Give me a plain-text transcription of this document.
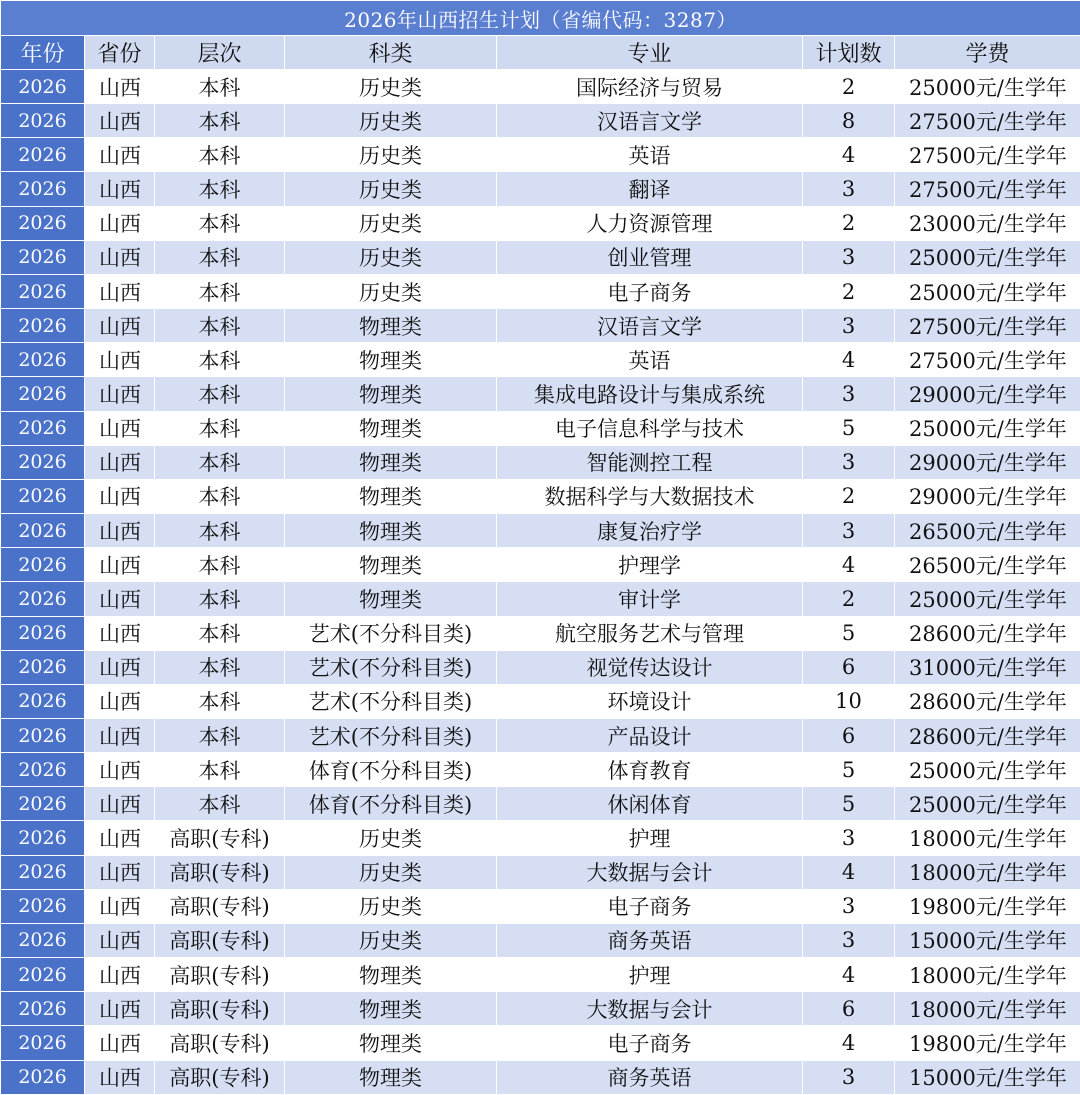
2026年山西招生计划（省编代码：3287）						
年份	省份	层次	科类	专业	计划数	学费
2026	山西	本科	历史类	国际经济与贸易	2	25000元/生学年
2026	山西	本科	历史类	汉语言文学	8	27500元/生学年
2026	山西	本科	历史类	英语	4	27500元/生学年
2026	山西	本科	历史类	翻译	3	27500元/生学年
2026	山西	本科	历史类	人力资源管理	2	23000元/生学年
2026	山西	本科	历史类	创业管理	3	25000元/生学年
2026	山西	本科	历史类	电子商务	2	25000元/生学年
2026	山西	本科	物理类	汉语言文学	3	27500元/生学年
2026	山西	本科	物理类	英语	4	27500元/生学年
2026	山西	本科	物理类	集成电路设计与集成系统	3	29000元/生学年
2026	山西	本科	物理类	电子信息科学与技术	5	25000元/生学年
2026	山西	本科	物理类	智能测控工程	3	29000元/生学年
2026	山西	本科	物理类	数据科学与大数据技术	2	29000元/生学年
2026	山西	本科	物理类	康复治疗学	3	26500元/生学年
2026	山西	本科	物理类	护理学	4	26500元/生学年
2026	山西	本科	物理类	审计学	2	25000元/生学年
2026	山西	本科	艺术(不分科目类)	航空服务艺术与管理	5	28600元/生学年
2026	山西	本科	艺术(不分科目类)	视觉传达设计	6	31000元/生学年
2026	山西	本科	艺术(不分科目类)	环境设计	10	28600元/生学年
2026	山西	本科	艺术(不分科目类)	产品设计	6	28600元/生学年
2026	山西	本科	体育(不分科目类)	体育教育	5	25000元/生学年
2026	山西	本科	体育(不分科目类)	休闲体育	5	25000元/生学年
2026	山西	高职(专科)	历史类	护理	3	18000元/生学年
2026	山西	高职(专科)	历史类	大数据与会计	4	18000元/生学年
2026	山西	高职(专科)	历史类	电子商务	3	19800元/生学年
2026	山西	高职(专科)	历史类	商务英语	3	15000元/生学年
2026	山西	高职(专科)	物理类	护理	4	18000元/生学年
2026	山西	高职(专科)	物理类	大数据与会计	6	18000元/生学年
2026	山西	高职(专科)	物理类	电子商务	4	19800元/生学年
2026	山西	高职(专科)	物理类	商务英语	3	15000元/生学年
